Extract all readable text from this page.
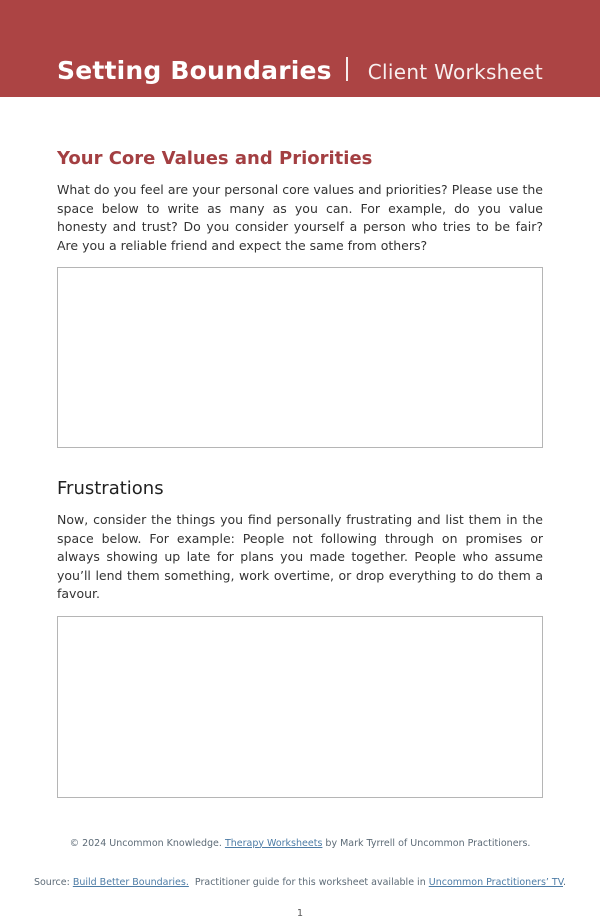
Setting Boundaries Client Worksheet
Your Core Values and Priorities

What do you feel are your personal core values and priorities? Please use the space below to write as many as you can. For example, do you value honesty and trust? Do you consider yourself a person who tries to be fair? Are you a reliable friend and expect the same from others?

Frustrations

Now, consider the things you find personally frustrating and list them in the space below. For example: People not following through on promises or always showing up late for plans you made together. People who assume you’ll lend them something, work overtime, or drop everything to do them a favour.

© 2024 Uncommon Knowledge. Therapy Worksheets by Mark Tyrrell of Uncommon Practitioners.

Source: Build Better Boundaries.  Practitioner guide for this worksheet available in Uncommon Practitioners’ TV.

1
